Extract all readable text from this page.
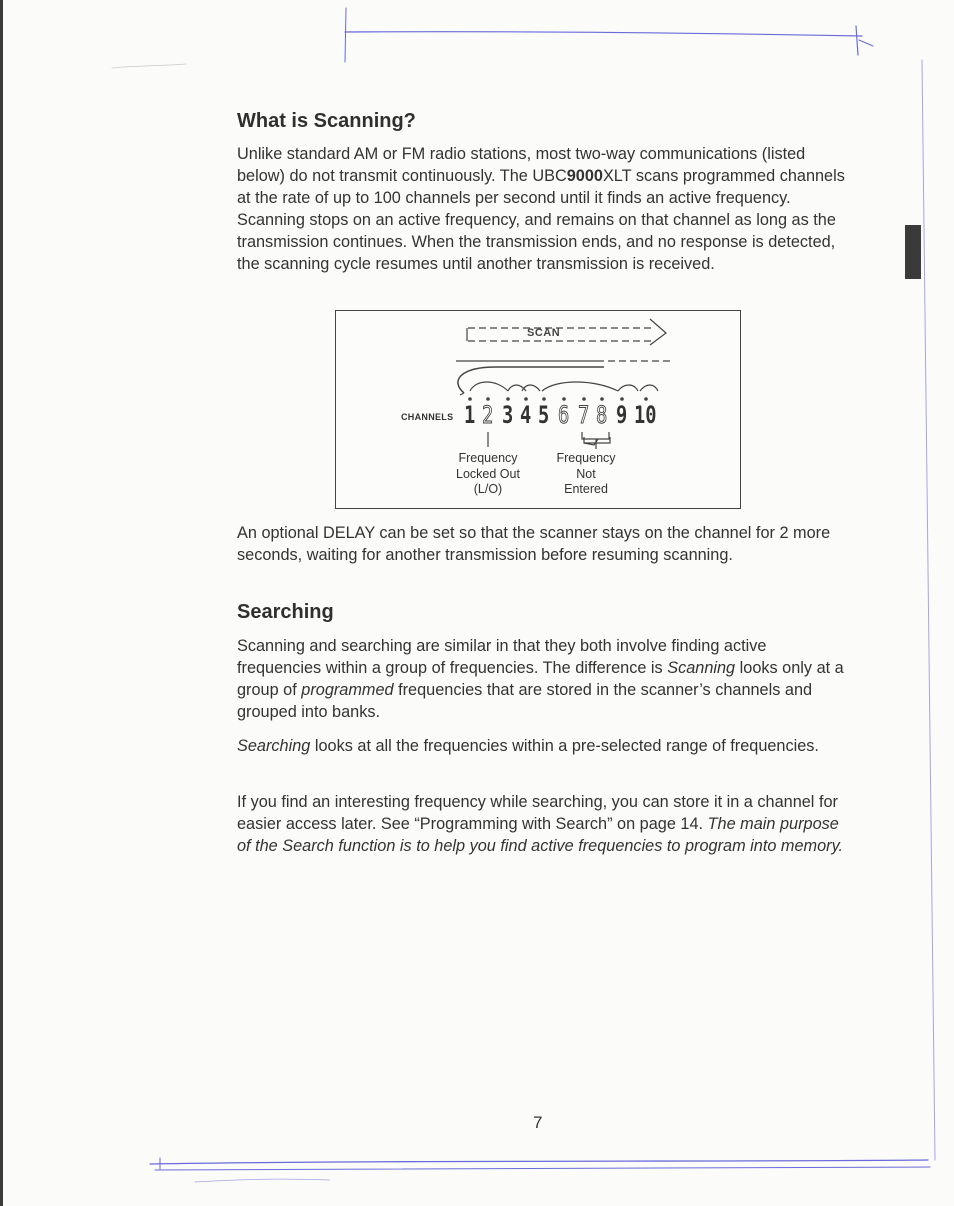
What is Scanning?

Unlike standard AM or FM radio stations, most two-way communications (listed below) do not transmit continuously. The UBC9000XLT scans programmed channels at the rate of up to 100 channels per second until it finds an active frequency. Scanning stops on an active frequency, and remains on that channel as long as the transmission continues. When the transmission ends, and no response is detected, the scanning cycle resumes until another transmission is received.

SCAN
CHANNELS 1 2 3 4 5 6 7 8 9 10
Frequency
Locked Out
(L/O)
Frequency
Not
Entered

An optional DELAY can be set so that the scanner stays on the channel for 2 more seconds, waiting for another transmission before resuming scanning.

Searching

Scanning and searching are similar in that they both involve finding active frequencies within a group of frequencies. The difference is Scanning looks only at a group of programmed frequencies that are stored in the scanner’s channels and grouped into banks.

Searching looks at all the frequencies within a pre-selected range of frequencies.

If you find an interesting frequency while searching, you can store it in a channel for easier access later. See “Programming with Search” on page 14. The main purpose of the Search function is to help you find active frequencies to program into memory.

7
